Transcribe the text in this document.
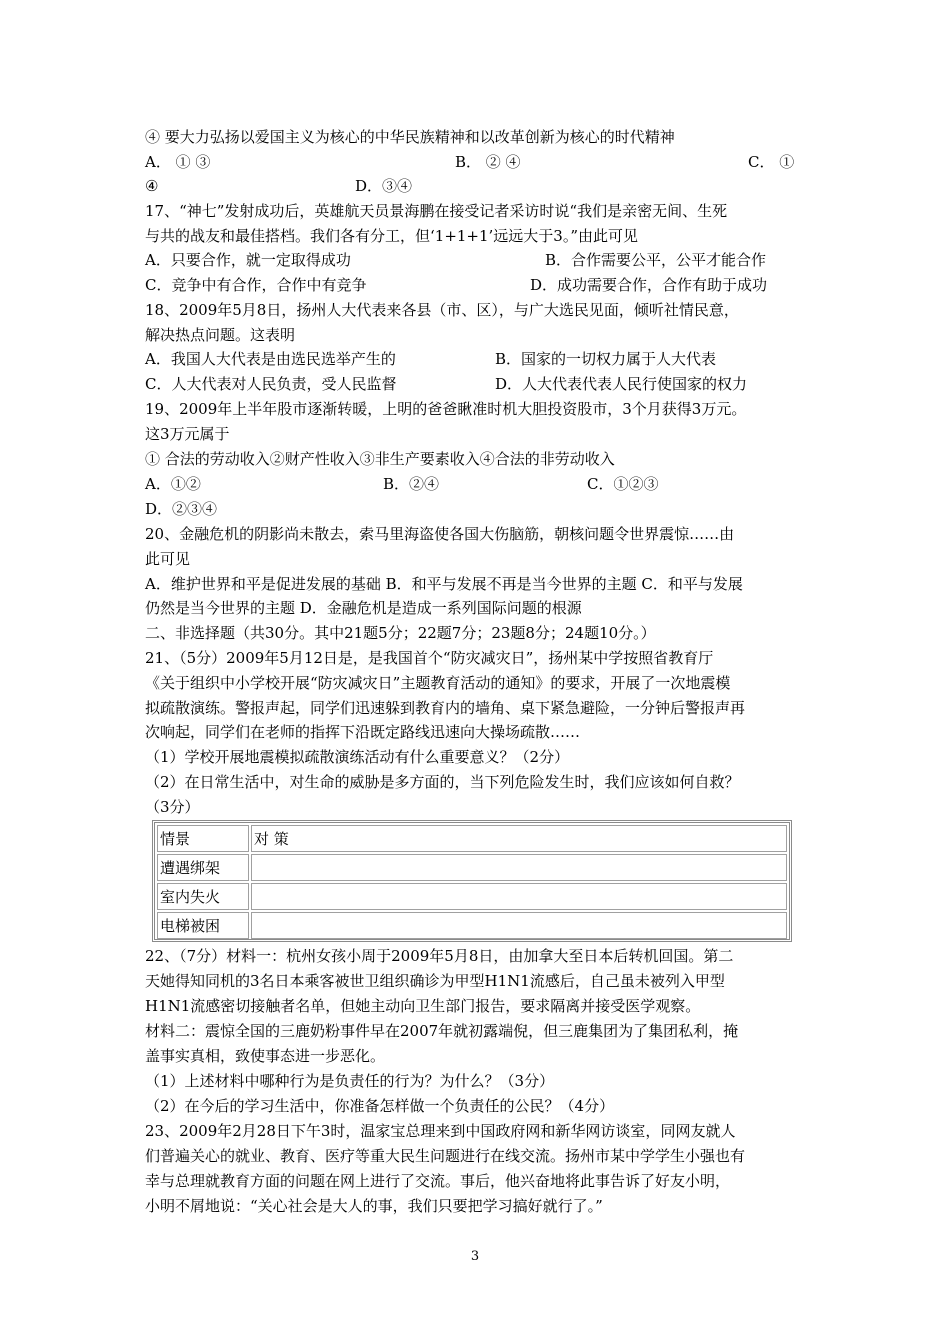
④ 要大力弘扬以爱国主义为核心的中华民族精神和以改革创新为核心的时代精神
A． ① ③	B． ② ④	C． ①
④	D．③④
17、“神七”发射成功后，英雄航天员景海鹏在接受记者采访时说“我们是亲密无间、生死
与共的战友和最佳搭档。我们各有分工，但‘1+1+1’远远大于3。”由此可见
A．只要合作，就一定取得成功	B．合作需要公平，公平才能合作
C．竞争中有合作，合作中有竞争	D．成功需要合作，合作有助于成功
18、2009年5月8日，扬州人大代表来各县（市、区），与广大选民见面，倾听社情民意，
解决热点问题。这表明
A．我国人大代表是由选民选举产生的	B．国家的一切权力属于人大代表
C．人大代表对人民负责，受人民监督	D．人大代表代表人民行使国家的权力
19、2009年上半年股市逐渐转暖，上明的爸爸瞅准时机大胆投资股市，3个月获得3万元。
这3万元属于
① 合法的劳动收入②财产性收入③非生产要素收入④合法的非劳动收入
A．①②	B．②④	C．①②③
D．②③④
20、金融危机的阴影尚未散去，索马里海盗使各国大伤脑筋，朝核问题令世界震惊……由
此可见
A．维护世界和平是促进发展的基础 B．和平与发展不再是当今世界的主题 C．和平与发展
仍然是当今世界的主题 D．金融危机是造成一系列国际问题的根源
二、非选择题（共30分。其中21题5分；22题7分；23题8分；24题10分。）
21、（5分）2009年5月12日是，是我国首个“防灾减灾日”，扬州某中学按照省教育厅
《关于组织中小学校开展“防灾减灾日”主题教育活动的通知》的要求，开展了一次地震模
拟疏散演练。警报声起，同学们迅速躲到教育内的墙角、桌下紧急避险，一分钟后警报声再
次响起，同学们在老师的指挥下沿既定路线迅速向大操场疏散……
（1）学校开展地震模拟疏散演练活动有什么重要意义？（2分）
（2）在日常生活中，对生命的威胁是多方面的，当下列危险发生时，我们应该如何自救？
（3分）
情景	对 策
遭遇绑架	
室内失火	
电梯被困	
22、（7分）材料一：杭州女孩小周于2009年5月8日，由加拿大至日本后转机回国。第二
天她得知同机的3名日本乘客被世卫组织确诊为甲型H1N1流感后，自己虽未被列入甲型
H1N1流感密切接触者名单，但她主动向卫生部门报告，要求隔离并接受医学观察。
材料二：震惊全国的三鹿奶粉事件早在2007年就初露端倪，但三鹿集团为了集团私利，掩
盖事实真相，致使事态进一步恶化。
（1）上述材料中哪种行为是负责任的行为？为什么？（3分）
（2）在今后的学习生活中，你准备怎样做一个负责任的公民？（4分）
23、2009年2月28日下午3时，温家宝总理来到中国政府网和新华网访谈室，同网友就人
们普遍关心的就业、教育、医疗等重大民生问题进行在线交流。扬州市某中学学生小强也有
幸与总理就教育方面的问题在网上进行了交流。事后，他兴奋地将此事告诉了好友小明，
小明不屑地说：“关心社会是大人的事，我们只要把学习搞好就行了。”
3
